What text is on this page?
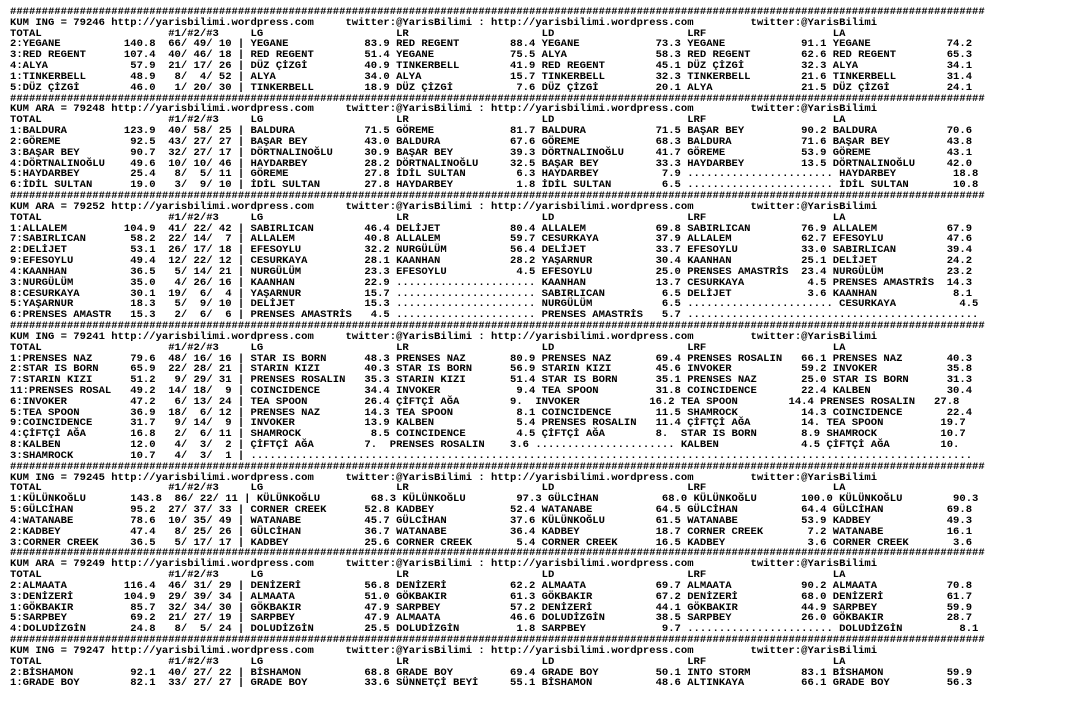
##########################################################################################################################################################
KUM ING = 79246 http://yarisbilimi.wordpress.com     twitter:@YarisBilimi : http://yarisbilimi.wordpress.com         twitter:@YarisBilimi
TOTAL                    #1/#2/#3     LG                     LR                     LD                     LRF                    LA
2:YEGANE          140.8  66/ 49/ 10 | YEGANE            83.9 RED REGENT        88.4 YEGANE            73.3 YEGANE            91.1 YEGANE            74.2
3:RED REGENT      107.4  40/ 46/ 18 | RED REGENT        51.4 YEGANE            75.5 ALYA              58.3 RED REGENT        62.6 RED REGENT        65.3
4:ALYA             57.9  21/ 17/ 26 | DÜZ ÇİZGİ         40.9 TINKERBELL        41.9 RED REGENT        45.1 DÜZ ÇİZGİ         32.3 ALYA              34.1
1:TINKERBELL       48.9   8/  4/ 52 | ALYA              34.0 ALYA              15.7 TINKERBELL        32.3 TINKERBELL        21.6 TINKERBELL        31.4
5:DÜZ ÇİZGİ        46.0   1/ 20/ 30 | TINKERBELL        18.9 DÜZ ÇİZGİ          7.6 DÜZ ÇİZGİ         20.1 ALYA              21.5 DÜZ ÇİZGİ         24.1
##########################################################################################################################################################
KUM ARA = 79248 http://yarisbilimi.wordpress.com     twitter:@YarisBilimi : http://yarisbilimi.wordpress.com         twitter:@YarisBilimi
TOTAL                    #1/#2/#3     LG                     LR                     LD                     LRF                    LA
1:BALDURA         123.9  40/ 58/ 25 | BALDURA           71.5 GÖREME            81.7 BALDURA           71.5 BAŞAR BEY         90.2 BALDURA           70.6
2:GÖREME           92.5  43/ 27/ 27 | BAŞAR BEY         43.0 BALDURA           67.6 GÖREME            68.3 BALDURA           71.6 BAŞAR BEY         43.8
3:BAŞAR BEY        90.7  32/ 27/ 17 | DÖRTNALINOĞLU     30.9 BAŞAR BEY         39.3 DÖRTNALINOĞLU     41.7 GÖREME            53.9 GÖREME            43.1
4:DÖRTNALINOĞLU    49.6  10/ 10/ 46 | HAYDARBEY         28.2 DÖRTNALINOĞLU     32.5 BAŞAR BEY         33.3 HAYDARBEY         13.5 DÖRTNALINOĞLU     42.0
5:HAYDARBEY        25.4   8/  5/ 11 | GÖREME            27.8 İDİL SULTAN        6.3 HAYDARBEY          7.9 ....................... HAYDARBEY         18.8
6:İDİL SULTAN      19.0   3/  9/ 10 | İDİL SULTAN       27.8 HAYDARBEY          1.8 İDİL SULTAN        6.5 ....................... İDİL SULTAN       10.8
##########################################################################################################################################################
KUM ARA = 79252 http://yarisbilimi.wordpress.com     twitter:@YarisBilimi : http://yarisbilimi.wordpress.com         twitter:@YarisBilimi
TOTAL                    #1/#2/#3     LG                     LR                     LD                     LRF                    LA
1:ALLALEM         104.9  41/ 22/ 42 | SABIRLICAN        46.4 DELİJET           80.4 ALLALEM           69.8 SABIRLICAN        76.9 ALLALEM           67.9
7:SABIRLICAN       58.2  22/ 14/  7 | ALLALEM           40.8 ALLALEM           59.7 CESURKAYA         37.9 ALLALEM           62.7 EFESOYLU          47.6
2:DELİJET          53.1  26/ 17/ 18 | EFESOYLU          32.2 NURGÜLÜM          56.4 DELİJET           33.7 EFESOYLU          33.0 SABIRLICAN        39.4
9:EFESOYLU         49.4  12/ 22/ 12 | CESURKAYA         28.1 KAANHAN           28.2 YAŞARNUR          30.4 KAANHAN           25.1 DELİJET           24.2
4:KAANHAN          36.5   5/ 14/ 21 | NURGÜLÜM          23.3 EFESOYLU           4.5 EFESOYLU          25.0 PRENSES AMASTRİS  23.4 NURGÜLÜM          23.2
3:NURGÜLÜM         35.0   4/ 26/ 16 | KAANHAN           22.9 ...................... KAANHAN           13.7 CESURKAYA          4.5 PRENSES AMASTRİS  14.3
8:CESURKAYA        30.1  19/  6/  4 | YAŞARNUR          15.7 ...................... SABIRLICAN         6.5 DELİJET            3.6 KAANHAN            8.1
5:YAŞARNUR         18.3   5/  9/ 10 | DELİJET           15.3 ...................... NURGÜLÜM           6.5 ....................... CESURKAYA          4.5
6:PRENSES AMASTR   15.3   2/  6/  6 | PRENSES AMASTRİS   4.5 ...................... PRENSES AMASTRİS   5.7 ..............................................
##########################################################################################################################################################
KUM ING = 79241 http://yarisbilimi.wordpress.com     twitter:@YarisBilimi : http://yarisbilimi.wordpress.com         twitter:@YarisBilimi
TOTAL                    #1/#2/#3     LG                     LR                     LD                     LRF                    LA
1:PRENSES NAZ      79.6  48/ 16/ 16 | STAR IS BORN      48.3 PRENSES NAZ       80.9 PRENSES NAZ       69.4 PRENSES ROSALIN   66.1 PRENSES NAZ       40.3
2:STAR IS BORN     65.9  22/ 28/ 21 | STARIN KIZI       40.3 STAR IS BORN      56.9 STARIN KIZI       45.6 INVOKER           59.2 INVOKER           35.8
7:STARIN KIZI      51.2   9/ 29/ 31 | PRENSES ROSALIN   35.3 STARIN KIZI       51.4 STAR IS BORN      35.1 PRENSES NAZ       25.0 STAR IS BORN      31.3
11:PRENSES ROSAL   49.2  14/ 18/  9 | COINCIDENCE       34.4 INVOKER            9.4 TEA SPOON         31.8 COINCIDENCE       22.4 KALBEN            30.4
6:INVOKER          47.2   6/ 13/ 24 | TEA SPOON         26.4 ÇİFTÇİ AĞA        9.  INVOKER           16.2 TEA SPOON        14.4 PRENSES ROSALIN   27.8
5:TEA SPOON        36.9  18/  6/ 12 | PRENSES NAZ       14.3 TEA SPOON          8.1 COINCIDENCE       11.5 SHAMROCK          14.3 COINCIDENCE       22.4
9:COINCIDENCE      31.7   9/ 14/  9 | INVOKER           13.9 KALBEN             5.4 PRENSES ROSALIN   11.4 ÇİFTÇİ AĞA        14. TEA SPOON         19.7
4:ÇİFTÇİ AĞA       16.8   2/  6/ 11 | SHAMROCK           8.5 COINCIDENCE        4.5 ÇİFTÇİ AĞA        8.  STAR IS BORN       8.9 SHAMROCK          10.7
8:KALBEN           12.0   4/  3/  2 | ÇİFTÇİ AĞA        7.  PRENSES ROSALIN    3.6 ...................... KALBEN             4.5 ÇİFTÇİ AĞA        10.
3:SHAMROCK         10.7   4/  3/  1 | ..................................................................................................................
##########################################################################################################################################################
KUM ING = 79245 http://yarisbilimi.wordpress.com     twitter:@YarisBilimi : http://yarisbilimi.wordpress.com         twitter:@YarisBilimi
TOTAL                    #1/#2/#3     LG                     LR                     LD                     LRF                    LA
1:KÜLÜNKOĞLU       143.8  86/ 22/ 11 | KÜLÜNKOĞLU        68.3 KÜLÜNKOĞLU        97.3 GÜLCİHAN          68.0 KÜLÜNKOĞLU       100.0 KÜLÜNKOĞLU        90.3
5:GÜLCİHAN         95.2  27/ 37/ 33 | CORNER CREEK      52.8 KADBEY            52.4 WATANABE          64.5 GÜLCİHAN          64.4 GÜLCİHAN          69.8
4:WATANABE         78.6  10/ 35/ 49 | WATANABE          45.7 GÜLCİHAN          37.6 KÜLÜNKOĞLU        61.5 WATANABE          53.9 KADBEY            49.3
2:KADBEY           47.4   8/ 25/ 26 | GÜLCİHAN          36.7 WATANABE          36.4 KADBEY            18.7 CORNER CREEK       7.2 WATANABE          16.1
3:CORNER CREEK     36.5   5/ 17/ 17 | KADBEY            25.6 CORNER CREEK       5.4 CORNER CREEK      16.5 KADBEY             3.6 CORNER CREEK       3.6
##########################################################################################################################################################
KUM ARA = 79249 http://yarisbilimi.wordpress.com     twitter:@YarisBilimi : http://yarisbilimi.wordpress.com         twitter:@YarisBilimi
TOTAL                    #1/#2/#3     LG                     LR                     LD                     LRF                    LA
2:ALMAATA         116.4  46/ 31/ 29 | DENİZERİ          56.8 DENİZERİ          62.2 ALMAATA           69.7 ALMAATA           90.2 ALMAATA           70.8
3:DENİZERİ        104.9  29/ 39/ 34 | ALMAATA           51.0 GÖKBAKIR          61.3 GÖKBAKIR          67.2 DENİZERİ          68.0 DENİZERİ          61.7
1:GÖKBAKIR         85.7  32/ 34/ 30 | GÖKBAKIR          47.9 SARPBEY           57.2 DENİZERİ          44.1 GÖKBAKIR          44.9 SARPBEY           59.9
5:SARPBEY          69.2  21/ 27/ 19 | SARPBEY           47.9 ALMAATA           46.6 DOLUDİZGİN        38.5 SARPBEY           26.0 GÖKBAKIR          28.7
4:DOLUDİZGİN       24.8   8/  5/ 24 | DOLUDİZGİN        25.5 DOLUDİZGİN         1.8 SARPBEY            9.7 ....................... DOLUDİZGİN         8.1
##########################################################################################################################################################
KUM ING = 79247 http://yarisbilimi.wordpress.com     twitter:@YarisBilimi : http://yarisbilimi.wordpress.com         twitter:@YarisBilimi
TOTAL                    #1/#2/#3     LG                     LR                     LD                     LRF                    LA
2:BİSHAMON         92.1  40/ 27/ 22 | BİSHAMON          68.8 GRADE BOY         69.4 GRADE BOY         50.1 INTO STORM        83.1 BİSHAMON          59.9
1:GRADE BOY        82.1  33/ 27/ 27 | GRADE BOY         33.6 SÜNNETÇİ BEYİ     55.1 BİSHAMON          48.6 ALTINKAYA         66.1 GRADE BOY         56.3
